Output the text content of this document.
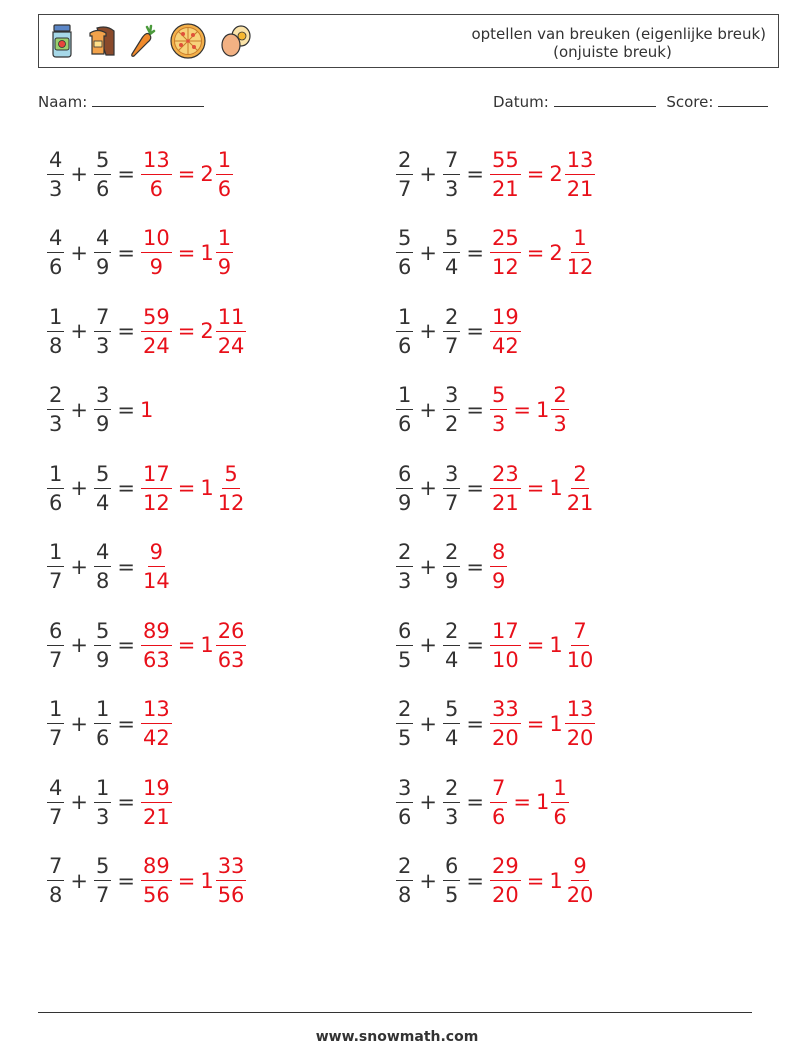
optellen van breuken (eigenlijke breuk)
(onjuiste breuk)
Naam:	Datum:	Score:
$\frac{4}{3} + \frac{5}{6} = \frac{13}{6} = 2 \frac{1}{6}$
$\frac{4}{6} + \frac{4}{9} = \frac{10}{9} = 1 \frac{1}{9}$
$\frac{1}{8} + \frac{7}{3} = \frac{59}{24} = 2 \frac{11}{24}$
$\frac{2}{3} + \frac{3}{9} = 1$
$\frac{1}{6} + \frac{5}{4} = \frac{17}{12} = 1 \frac{5}{12}$
$\frac{1}{7} + \frac{4}{8} = \frac{9}{14}$
$\frac{6}{7} + \frac{5}{9} = \frac{89}{63} = 1 \frac{26}{63}$
$\frac{1}{7} + \frac{1}{6} = \frac{13}{42}$
$\frac{4}{7} + \frac{1}{3} = \frac{19}{21}$
$\frac{7}{8} + \frac{5}{7} = \frac{89}{56} = 1 \frac{33}{56}$
$\frac{2}{7} + \frac{7}{3} = \frac{55}{21} = 2 \frac{13}{21}$
$\frac{5}{6} + \frac{5}{4} = \frac{25}{12} = 2 \frac{1}{12}$
$\frac{1}{6} + \frac{2}{7} = \frac{19}{42}$
$\frac{1}{6} + \frac{3}{2} = \frac{5}{3} = 1 \frac{2}{3}$
$\frac{6}{9} + \frac{3}{7} = \frac{23}{21} = 1 \frac{2}{21}$
$\frac{2}{3} + \frac{2}{9} = \frac{8}{9}$
$\frac{6}{5} + \frac{2}{4} = \frac{17}{10} = 1 \frac{7}{10}$
$\frac{2}{5} + \frac{5}{4} = \frac{33}{20} = 1 \frac{13}{20}$
$\frac{3}{6} + \frac{2}{3} = \frac{7}{6} = 1 \frac{1}{6}$
$\frac{2}{8} + \frac{6}{5} = \frac{29}{20} = 1 \frac{9}{20}$
www.snowmath.com
